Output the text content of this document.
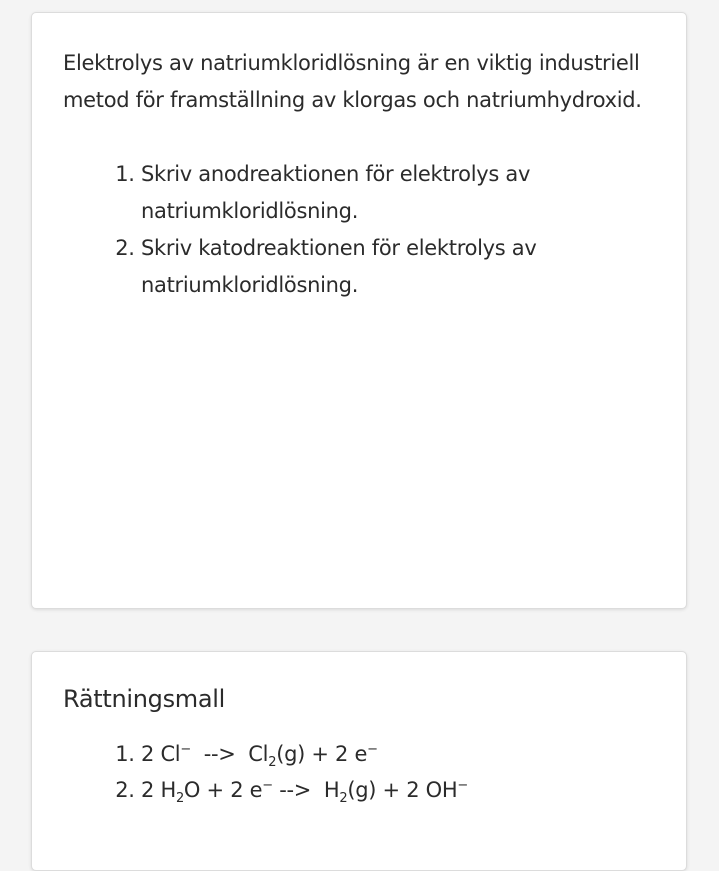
Elektrolys av natriumkloridlösning är en viktig industriell metod för framställning av klorgas och natriumhydroxid.

1. Skriv anodreaktionen för elektrolys av natriumkloridlösning.
2. Skriv katodreaktionen för elektrolys av natriumkloridlösning.
Rättningsmall
1. 2 Cl−  -->  $Cl_2(g) + 2$ e−
2. 2 $H_2O + 2$ e− -->  $H_2(g) + 2$ OH−
